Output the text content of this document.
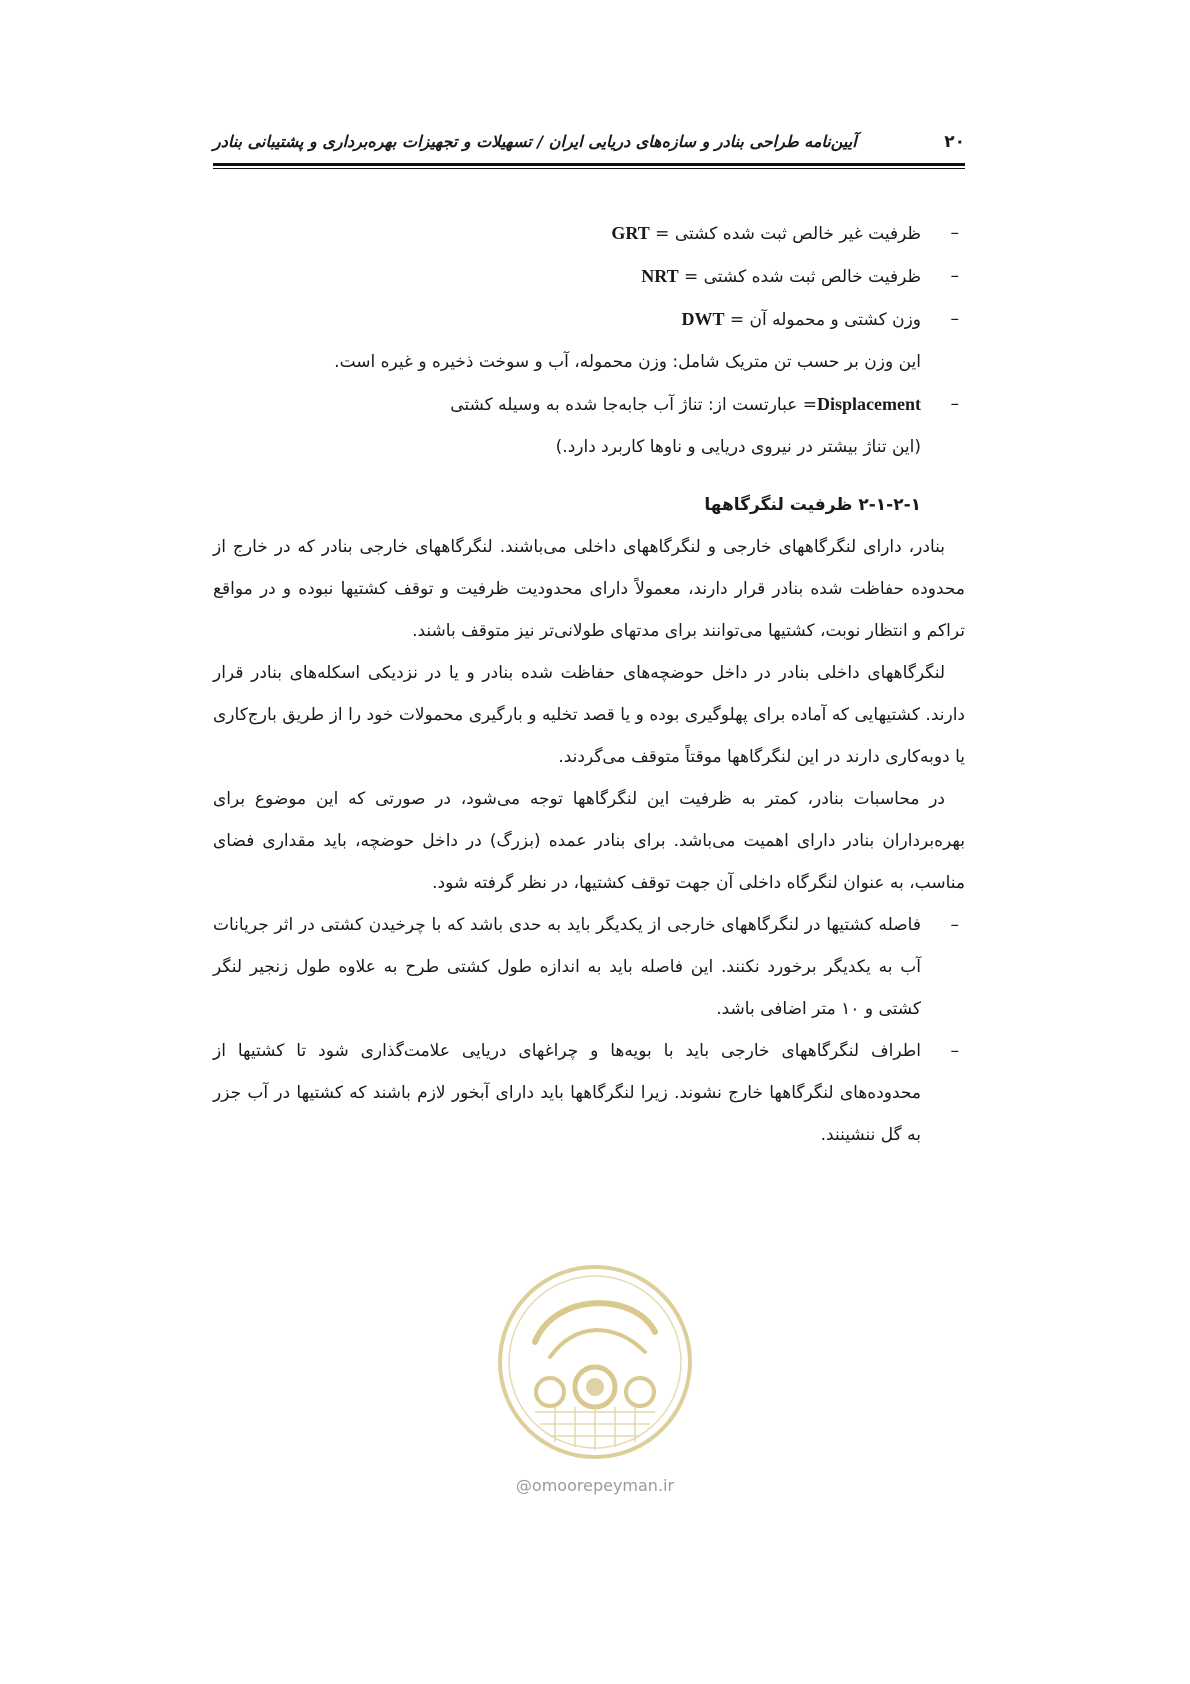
۲۰
آیین‌نامه طراحی بنادر و سازه‌های دریایی ایران / تسهیلات و تجهیزات بهره‌برداری و پشتیبانی بنادر
–
ظرفیت غیر خالص ثبت شده کشتی = GRT
–
ظرفیت خالص ثبت شده کشتی = NRT
–
وزن کشتی و محموله آن = DWT
این وزن بر حسب تن متریک شامل: وزن محموله، آب و سوخت ذخیره و غیره است.
–
Displacement= عبارتست از: تناژ آب جابه‌جا شده به وسیله کشتی
(این تناژ بیشتر در نیروی دریایی و ناوها کاربرد دارد.)
۲-۱-۲-۱ ظرفیت لنگرگاهها

بنادر، دارای لنگرگاههای خارجی و لنگرگاههای داخلی می‌باشند. لنگرگاههای خارجی بنادر که در خارج از محدوده حفاظت شده بنادر قرار دارند، معمولاً دارای محدودیت ظرفیت و توقف کشتیها نبوده و در مواقع تراکم و انتظار نوبت، کشتیها می‌توانند برای مدتهای طولانی‌تر نیز متوقف باشند.

لنگرگاههای داخلی بنادر در داخل حوضچه‌های حفاظت شده بنادر و یا در نزدیکی اسکله‌های بنادر قرار دارند. کشتیهایی که آماده برای پهلوگیری بوده و یا قصد تخلیه و بارگیری محمولات خود را از طریق بارج‌کاری یا دوبه‌کاری دارند در این لنگرگاهها موقتاً متوقف می‌گردند.

در محاسبات بنادر، کمتر به ظرفیت این لنگرگاهها توجه می‌شود، در صورتی که این موضوع برای بهره‌برداران بنادر دارای اهمیت می‌باشد. برای بنادر عمده (بزرگ) در داخل حوضچه، باید مقداری فضای مناسب، به عنوان لنگرگاه داخلی آن جهت توقف کشتیها، در نظر گرفته شود.

–
فاصله کشتیها در لنگرگاههای خارجی از یکدیگر باید به حدی باشد که با چرخیدن کشتی در اثر جریانات آب به یکدیگر برخورد نکنند. این فاصله باید به اندازه طول کشتی طرح به علاوه طول زنجیر لنگر کشتی و ۱۰ متر اضافی باشد.
–
اطراف لنگرگاههای خارجی باید با بویه‌ها و چراغهای دریایی علامت‌گذاری شود تا کشتیها از محدوده‌های لنگرگاهها خارج نشوند. زیرا لنگرگاهها باید دارای آبخور لازم باشند که کشتیها در آب جزر به گل ننشینند.
@omoorepeyman.ir
